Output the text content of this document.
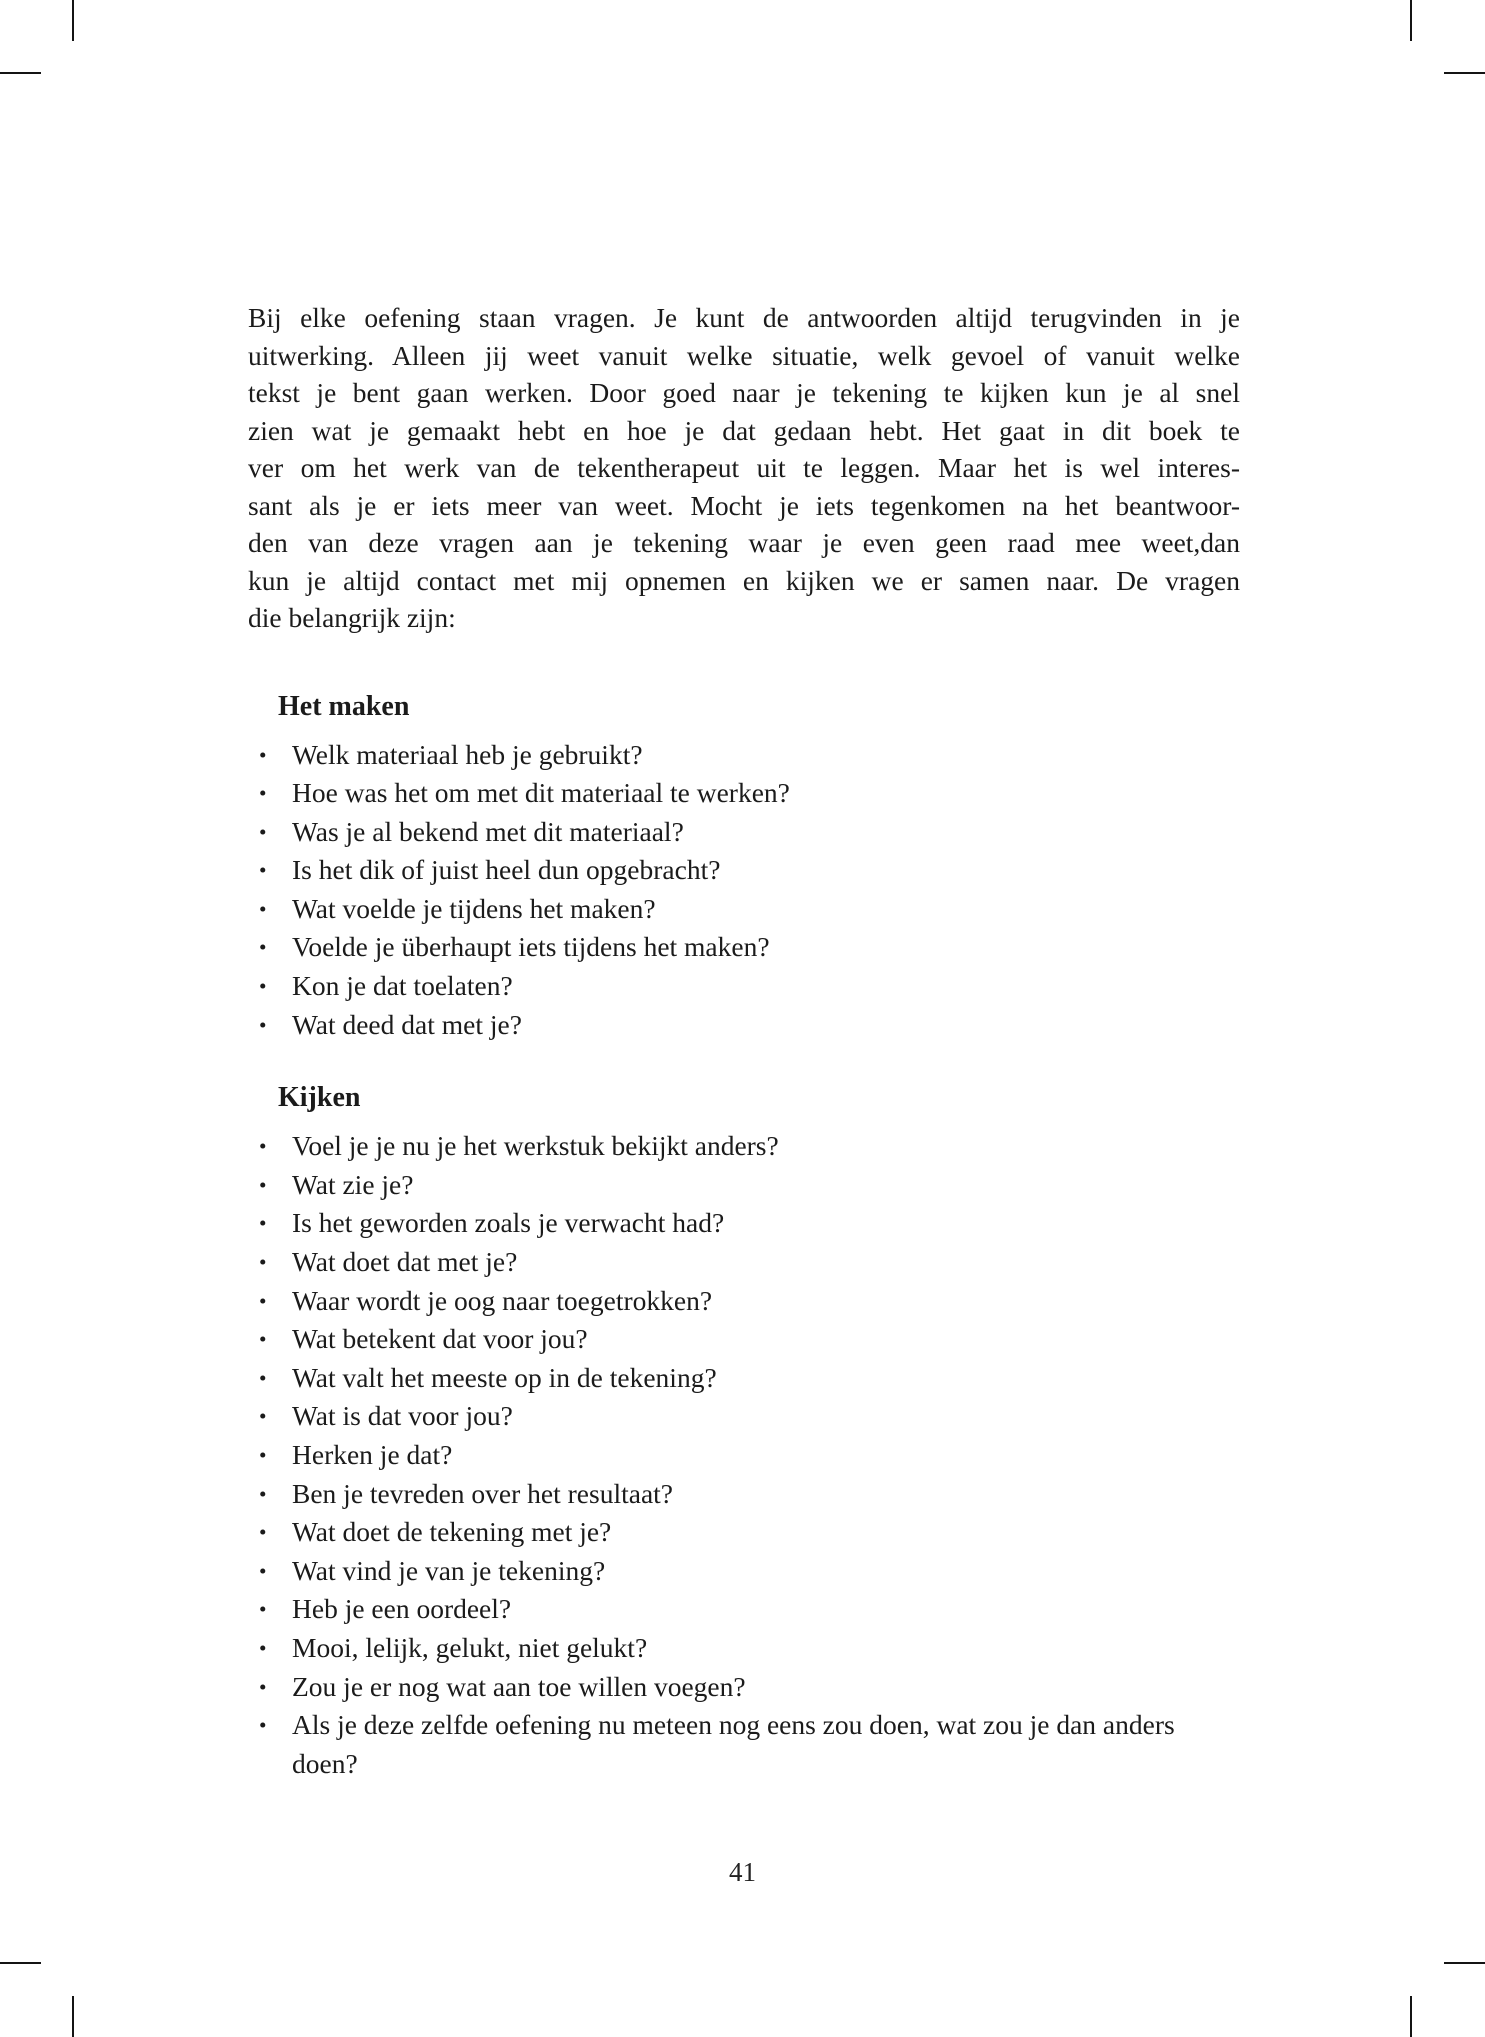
Bij elke oefening staan vragen. Je kunt de antwoorden altijd terugvinden in je
uitwerking. Alleen jij weet vanuit welke situatie, welk gevoel of vanuit welke
tekst je bent gaan werken. Door goed naar je tekening te kijken kun je al snel
zien wat je gemaakt hebt en hoe je dat gedaan hebt. Het gaat in dit boek te
ver om het werk van de tekentherapeut uit te leggen. Maar het is wel interes-
sant als je er iets meer van weet. Mocht je iets tegenkomen na het beantwoor-
den van deze vragen aan je tekening waar je even geen raad mee weet,dan
kun je altijd contact met mij opnemen en kijken we er samen naar. De vragen
die belangrijk zijn:

Het maken
• Welk materiaal heb je gebruikt?
• Hoe was het om met dit materiaal te werken?
• Was je al bekend met dit materiaal?
• Is het dik of juist heel dun opgebracht?
• Wat voelde je tijdens het maken?
• Voelde je überhaupt iets tijdens het maken?
• Kon je dat toelaten?
• Wat deed dat met je?
Kijken
• Voel je je nu je het werkstuk bekijkt anders?
• Wat zie je?
• Is het geworden zoals je verwacht had?
• Wat doet dat met je?
• Waar wordt je oog naar toegetrokken?
• Wat betekent dat voor jou?
• Wat valt het meeste op in de tekening?
• Wat is dat voor jou?
• Herken je dat?
• Ben je tevreden over het resultaat?
• Wat doet de tekening met je?
• Wat vind je van je tekening?
• Heb je een oordeel?
• Mooi, lelijk, gelukt, niet gelukt?
• Zou je er nog wat aan toe willen voegen?
• Als je deze zelfde oefening nu meteen nog eens zou doen, wat zou je dan anders doen?
41
